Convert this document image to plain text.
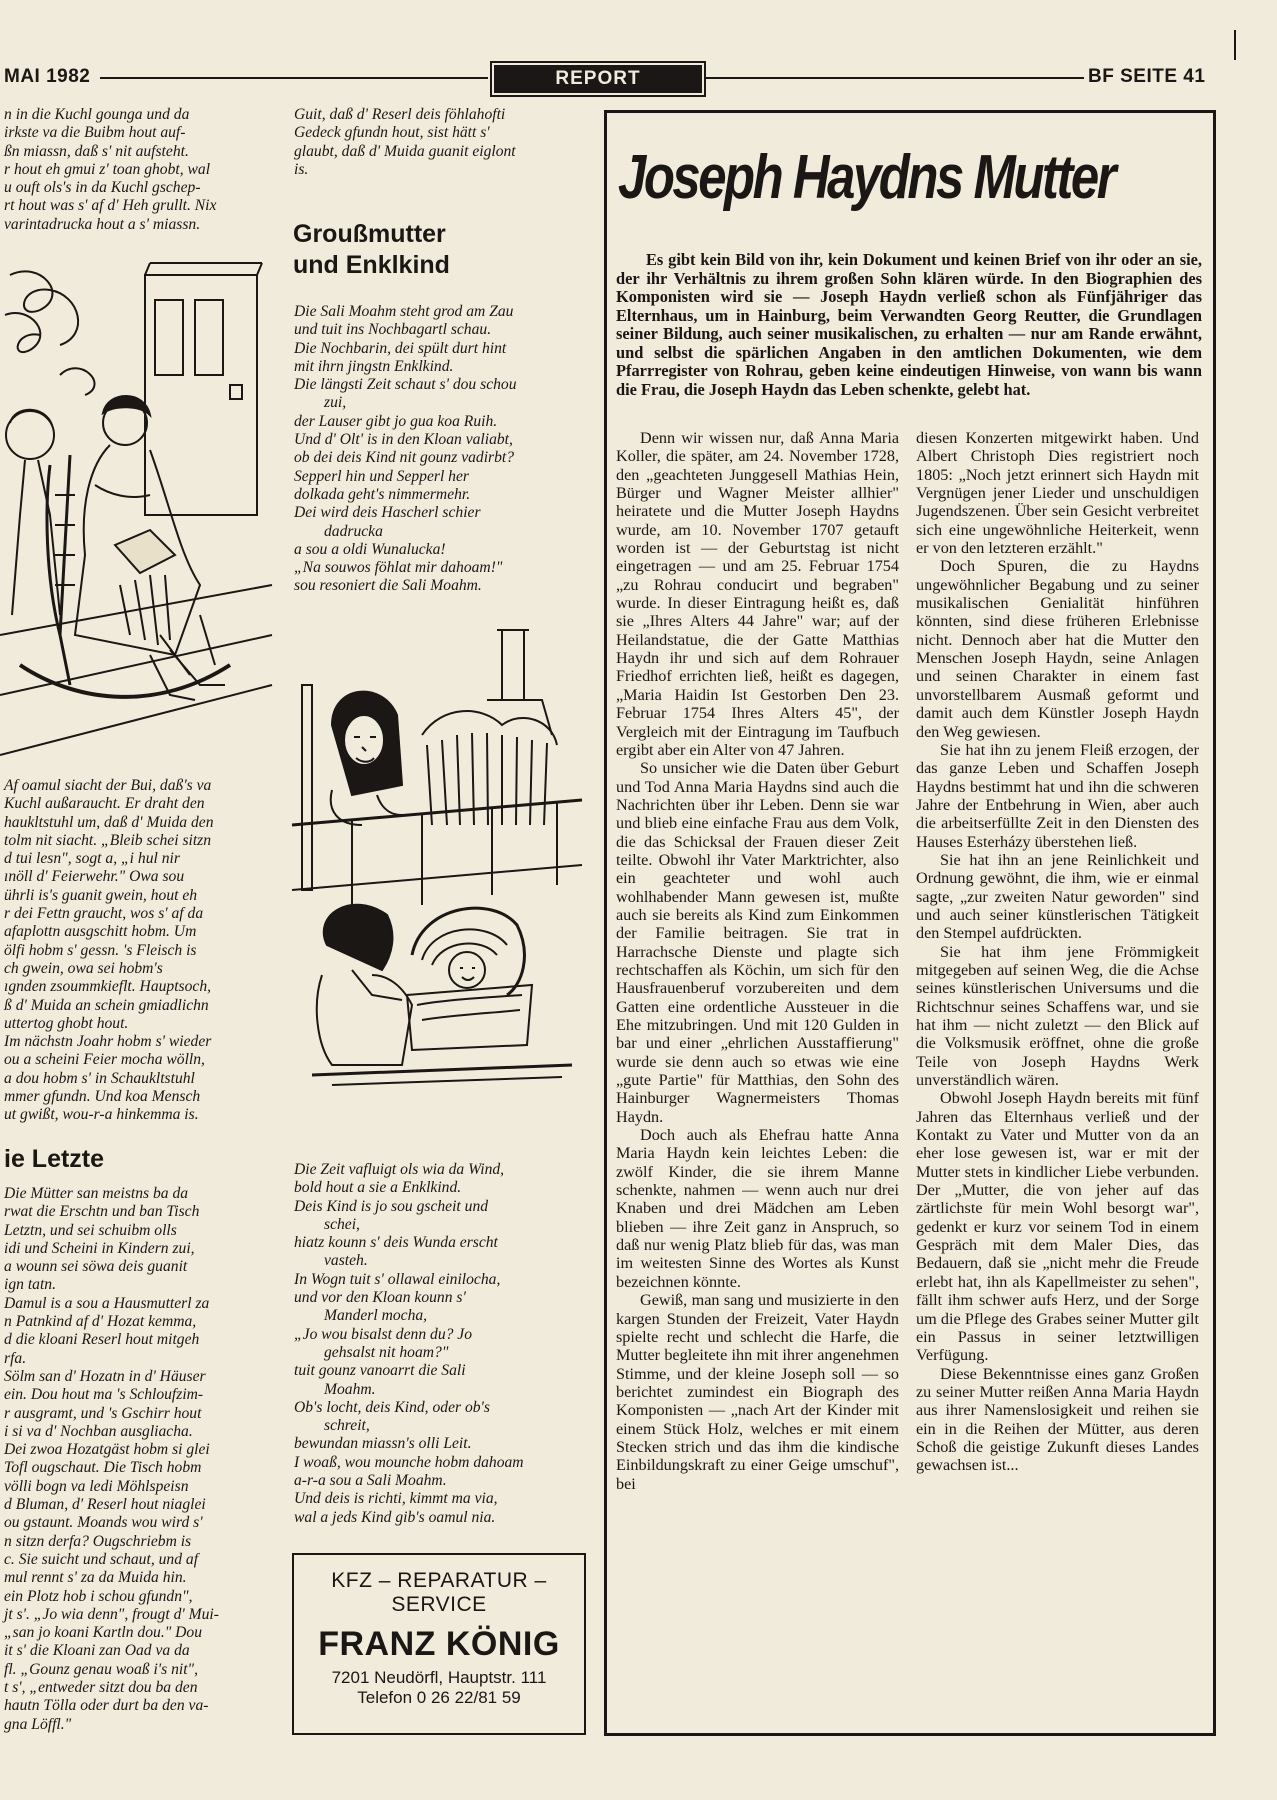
MAI 1982	REPORT	BF SEITE 41

n in die Kuchl gounga und da

irkste va die Buibm hout auf-

ßn miassn, daß s' nit aufsteht.

r hout eh gmui z' toan ghobt, wal

u ouft ols's in da Kuchl gschep-

rt hout was s' af d' Heh grullt. Nix

varintadrucka hout a s' miassn.

Af oamul siacht der Bui, daß's va

Kuchl außaraucht. Er draht den

haukltstuhl um, daß d' Muida den

tolm nit siacht. „Bleib schei sitzn

d tui lesn", sogt a, „i hul nir

ınöll d' Feierwehr." Owa sou

ührli is's guanit gwein, hout eh

r dei Fettn graucht, wos s' af da

afaplottn ausgschitt hobm. Um

ölfi hobm s' gessn. 's Fleisch is

ch gwein, owa sei hobm's

ıgnden zsoummkieflt. Hauptsoch,

ß d' Muida an schein gmiadlichn

uttertog ghobt hout.

Im nächstn Joahr hobm s' wieder

ou a scheini Feier mocha wölln,

a dou hobm s' in Schaukltstuhl

mmer gfundn. Und koa Mensch

ut gwißt, wou-r-a hinkemma is.

ie Letzte

Die Mütter san meistns ba da

rwat die Erschtn und ban Tisch

Letztn, und sei schuibm olls

idi und Scheini in Kindern zui,

a wounn sei söwa deis guanit

ign tatn.

Damul is a sou a Hausmutterl za

n Patnkind af d' Hozat kemma,

d die kloani Reserl hout mitgeh

rfa.

Sölm san d' Hozatn in d' Häuser

ein. Dou hout ma 's Schloufzim-

r ausgramt, und 's Gschirr hout

i si va d' Nochban ausgliacha.

Dei zwoa Hozatgäst hobm si glei

Tofl ougschaut. Die Tisch hobm

völli bogn va ledi Möhlspeisn

d Bluman, d' Reserl hout niaglei

ou gstaunt. Moands wou wird s'

n sitzn derfa? Ougschriebm is

c. Sie suicht und schaut, und af

mul rennt s' za da Muida hin.

ein Plotz hob i schou gfundn",

jt s'. „Jo wia denn", frougt d' Mui-

„san jo koani Kartln dou." Dou

it s' die Kloani zan Oad va da

fl. „Gounz genau woaß i's nit",

t s', „entweder sitzt dou ba den

hautn Tölla oder durt ba den va-

gna Löffl."

Guit, daß d' Reserl deis föhlahofti

Gedeck gfundn hout, sist hätt s'

glaubt, daß d' Muida guanit eiglont

is.

Groußmutter
und Enklkind

Die Sali Moahm steht grod am Zau

und tuit ins Nochbagartl schau.

Die Nochbarin, dei spült durt hint

mit ihrn jingstn Enklkind.

Die längsti Zeit schaut s' dou schou

zui,

der Lauser gibt jo gua koa Ruih.

Und d' Olt' is in den Kloan valiabt,

ob dei deis Kind nit gounz vadirbt?

Sepperl hin und Sepperl her

dolkada geht's nimmermehr.

Dei wird deis Hascherl schier

dadrucka

a sou a oldi Wunalucka!

„Na souwos föhlat mir dahoam!"

sou resoniert die Sali Moahm.

Die Zeit vafluigt ols wia da Wind,

bold hout a sie a Enklkind.

Deis Kind is jo sou gscheit und

schei,

hiatz kounn s' deis Wunda erscht

vasteh.

In Wogn tuit s' ollawal einilocha,

und vor den Kloan kounn s'

Manderl mocha,

„Jo wou bisalst denn du? Jo

gehsalst nit hoam?"

tuit gounz vanoarrt die Sali

Moahm.

Ob's locht, deis Kind, oder ob's

schreit,

bewundan miassn's olli Leit.

I woaß, wou mounche hobm dahoam

a-r-a sou a Sali Moahm.

Und deis is richti, kimmt ma via,

wal a jeds Kind gib's oamul nia.

KFZ – REPARATUR –
SERVICE
FRANZ KÖNIG
7201 Neudörfl, Hauptstr. 111
Telefon 0 26 22/81 59
Joseph Haydns Mutter
Es gibt kein Bild von ihr, kein Dokument und keinen Brief von ihr oder an sie, der ihr Verhältnis zu ihrem großen Sohn klären würde. In den Biographien des Komponisten wird sie — Joseph Haydn verließ schon als Fünfjähriger das Elternhaus, um in Hainburg, beim Verwandten Georg Reutter, die Grundlagen seiner Bildung, auch seiner musikalischen, zu erhalten — nur am Rande erwähnt, und selbst die spärlichen Angaben in den amtlichen Dokumenten, wie dem Pfarrregister von Rohrau, geben keine eindeutigen Hinweise, von wann bis wann die Frau, die Joseph Haydn das Leben schenkte, gelebt hat.

Denn wir wissen nur, daß Anna Maria Koller, die später, am 24. November 1728, den „geachteten Junggesell Mathias Hein, Bürger und Wagner Meister allhier" heiratete und die Mutter Joseph Haydns wurde, am 10. November 1707 getauft worden ist — der Geburtstag ist nicht eingetragen — und am 25. Februar 1754 „zu Rohrau conducirt und begraben" wurde. In dieser Eintragung heißt es, daß sie „Ihres Alters 44 Jahre" war; auf der Heilandstatue, die der Gatte Matthias Haydn ihr und sich auf dem Rohrauer Friedhof errichten ließ, heißt es dagegen, „Maria Haidin Ist Gestorben Den 23. Februar 1754 Ihres Alters 45", der Vergleich mit der Eintragung im Taufbuch ergibt aber ein Alter von 47 Jahren.

So unsicher wie die Daten über Geburt und Tod Anna Maria Haydns sind auch die Nachrichten über ihr Leben. Denn sie war und blieb eine einfache Frau aus dem Volk, die das Schicksal der Frauen dieser Zeit teilte. Obwohl ihr Vater Marktrichter, also ein geachteter und wohl auch wohlhabender Mann gewesen ist, mußte auch sie bereits als Kind zum Einkommen der Familie beitragen. Sie trat in Harrachsche Dienste und plagte sich rechtschaffen als Köchin, um sich für den Hausfrauenberuf vorzubereiten und dem Gatten eine ordentliche Aussteuer in die Ehe mitzubringen. Und mit 120 Gulden in bar und einer „ehrlichen Ausstaffierung" wurde sie denn auch so etwas wie eine „gute Partie" für Matthias, den Sohn des Hainburger Wagnermeisters Thomas Haydn.

Doch auch als Ehefrau hatte Anna Maria Haydn kein leichtes Leben: die zwölf Kinder, die sie ihrem Manne schenkte, nahmen — wenn auch nur drei Knaben und drei Mädchen am Leben blieben — ihre Zeit ganz in Anspruch, so daß nur wenig Platz blieb für das, was man im weitesten Sinne des Wortes als Kunst bezeichnen könnte.

Gewiß, man sang und musizierte in den kargen Stunden der Freizeit, Vater Haydn spielte recht und schlecht die Harfe, die Mutter begleitete ihn mit ihrer angenehmen Stimme, und der kleine Joseph soll — so berichtet zumindest ein Biograph des Komponisten — „nach Art der Kinder mit einem Stück Holz, welches er mit einem Stecken strich und das ihm die kindische Einbildungskraft zu einer Geige umschuf", bei

diesen Konzerten mitgewirkt haben. Und Albert Christoph Dies registriert noch 1805: „Noch jetzt erinnert sich Haydn mit Vergnügen jener Lieder und unschuldigen Jugendszenen. Über sein Gesicht verbreitet sich eine ungewöhnliche Heiterkeit, wenn er von den letzteren erzählt."

Doch Spuren, die zu Haydns ungewöhnlicher Begabung und zu seiner musikalischen Genialität hinführen könnten, sind diese früheren Erlebnisse nicht. Dennoch aber hat die Mutter den Menschen Joseph Haydn, seine Anlagen und seinen Charakter in einem fast unvorstellbarem Ausmaß geformt und damit auch dem Künstler Joseph Haydn den Weg gewiesen.

Sie hat ihn zu jenem Fleiß erzogen, der das ganze Leben und Schaffen Joseph Haydns bestimmt hat und ihn die schweren Jahre der Entbehrung in Wien, aber auch die arbeitserfüllte Zeit in den Diensten des Hauses Esterházy überstehen ließ.

Sie hat ihn an jene Reinlichkeit und Ordnung gewöhnt, die ihm, wie er einmal sagte, „zur zweiten Natur geworden" sind und auch seiner künstlerischen Tätigkeit den Stempel aufdrückten.

Sie hat ihm jene Frömmigkeit mitgegeben auf seinen Weg, die die Achse seines künstlerischen Universums und die Richtschnur seines Schaffens war, und sie hat ihm — nicht zuletzt — den Blick auf die Volksmusik eröffnet, ohne die große Teile von Joseph Haydns Werk unverständlich wären.

Obwohl Joseph Haydn bereits mit fünf Jahren das Elternhaus verließ und der Kontakt zu Vater und Mutter von da an eher lose gewesen ist, war er mit der Mutter stets in kindlicher Liebe verbunden. Der „Mutter, die von jeher auf das zärtlichste für mein Wohl besorgt war", gedenkt er kurz vor seinem Tod in einem Gespräch mit dem Maler Dies, das Bedauern, daß sie „nicht mehr die Freude erlebt hat, ihn als Kapellmeister zu sehen", fällt ihm schwer aufs Herz, und der Sorge um die Pflege des Grabes seiner Mutter gilt ein Passus in seiner letztwilligen Verfügung.

Diese Bekenntnisse eines ganz Großen zu seiner Mutter reißen Anna Maria Haydn aus ihrer Namenslosigkeit und reihen sie ein in die Reihen der Mütter, aus deren Schoß die geistige Zukunft dieses Landes gewachsen ist...
